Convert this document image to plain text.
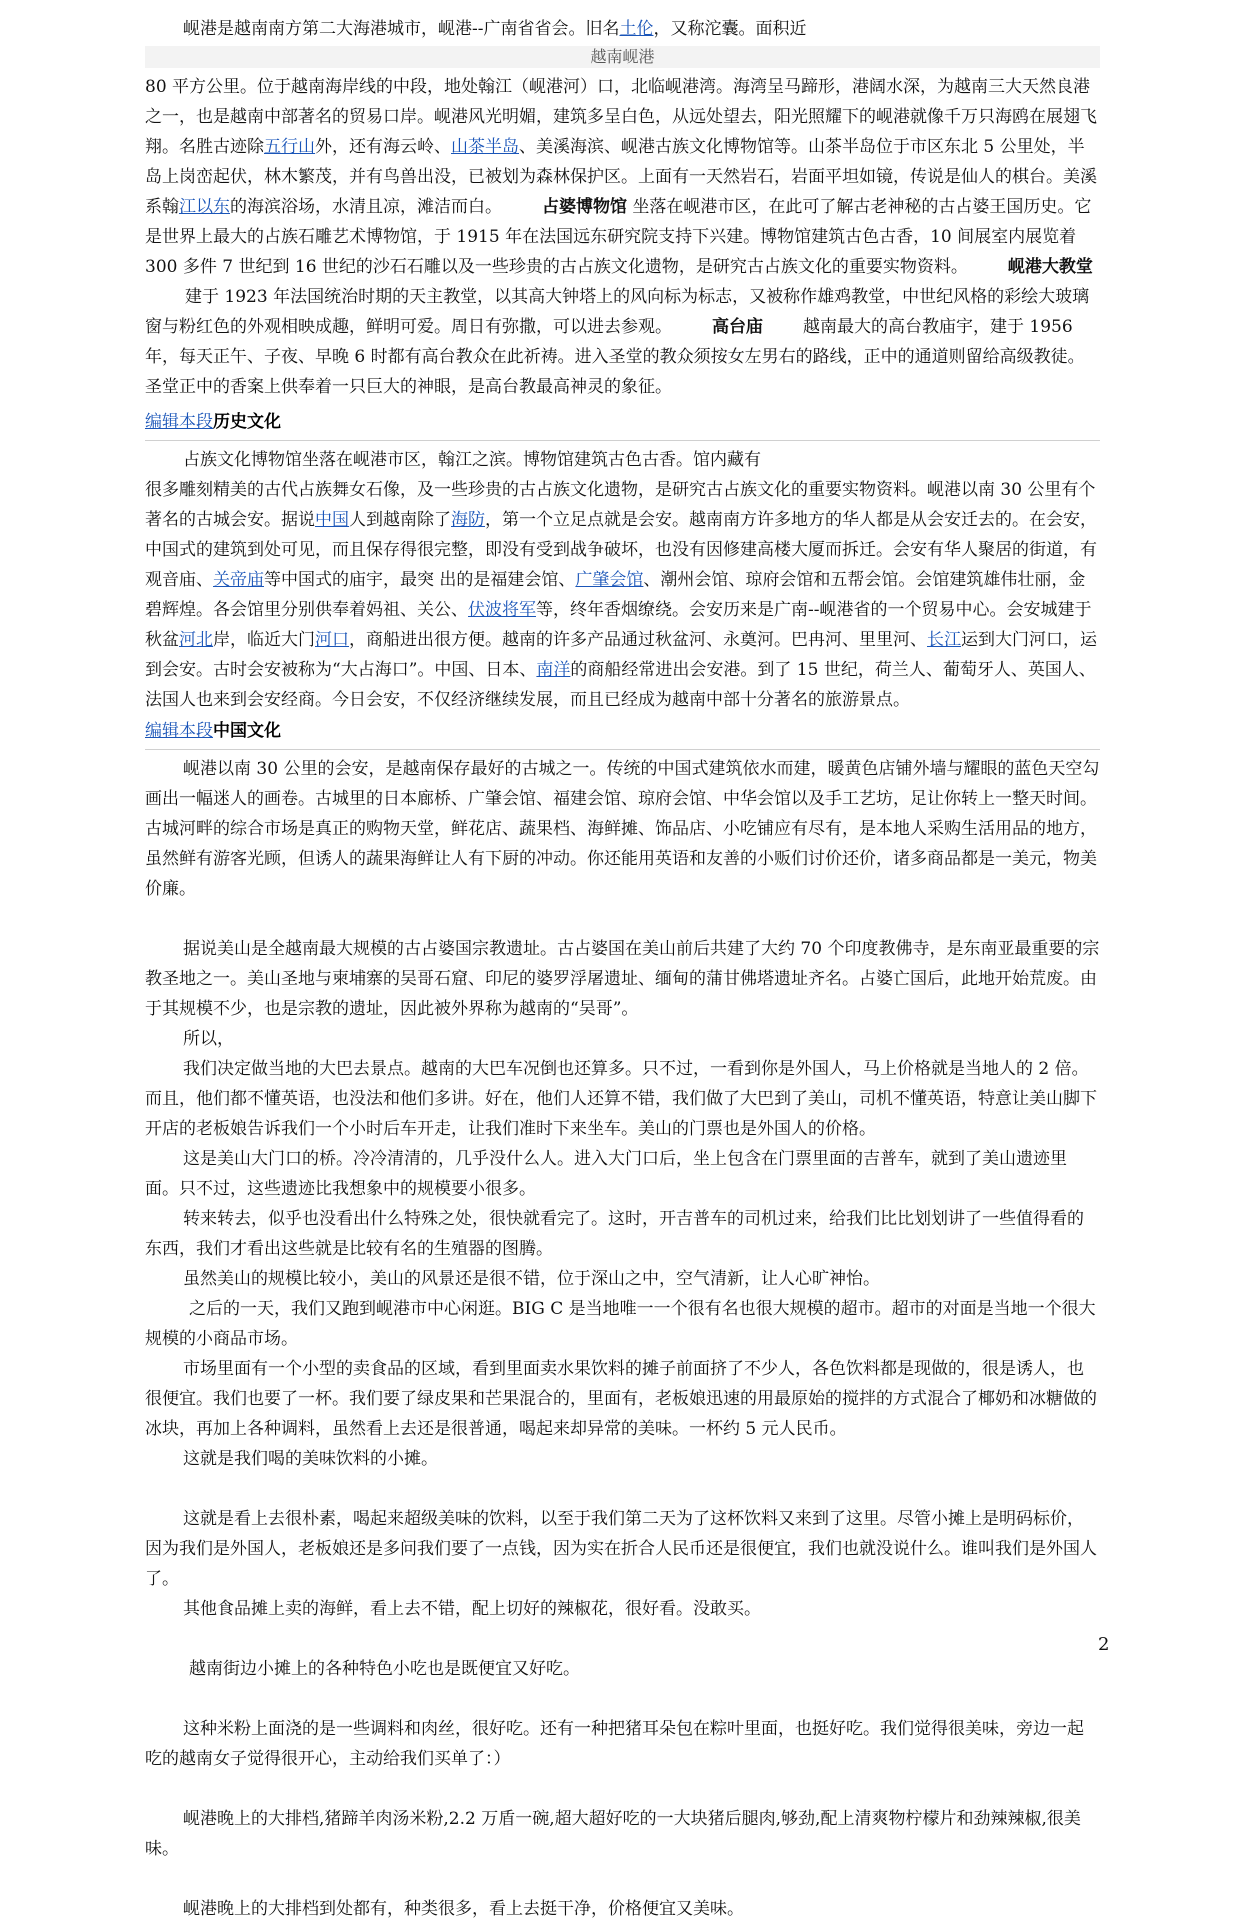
岘港是越南南方第二大海港城市，岘港--广南省省会。旧名土伦，又称沱囊。面积近

越南岘港

80 平方公里。位于越南海岸线的中段，地处翰江（岘港河）口，北临岘港湾。海湾呈马蹄形，港阔水深，为越南三大天然良港之一，也是越南中部著名的贸易口岸。岘港风光明媚，建筑多呈白色，从远处望去，阳光照耀下的岘港就像千万只海鸥在展翅飞翔。名胜古迹除五行山外，还有海云岭、山茶半岛、美溪海滨、岘港古族文化博物馆等。山茶半岛位于市区东北 5 公里处，半岛上岗峦起伏，林木繁茂，并有鸟兽出没，已被划为森林保护区。上面有一天然岩石，岩面平坦如镜，传说是仙人的棋台。美溪系翰江以东的海滨浴场，水清且凉，滩洁而白。 占婆博物馆 坐落在岘港市区，在此可了解古老神秘的古占婆王国历史。它是世界上最大的占族石雕艺术博物馆，于 1915 年在法国远东研究院支持下兴建。博物馆建筑古色古香，10 间展室内展览着 300 多件 7 世纪到 16 世纪的沙石石雕以及一些珍贵的古占族文化遗物，是研究古占族文化的重要实物资料。 岘港大教堂建于 1923 年法国统治时期的天主教堂，以其高大钟塔上的风向标为标志，又被称作雄鸡教堂，中世纪风格的彩绘大玻璃窗与粉红色的外观相映成趣，鲜明可爱。周日有弥撒，可以进去参观。 高台庙 越南最大的高台教庙宇，建于 1956 年，每天正午、子夜、早晚 6 时都有高台教众在此祈祷。进入圣堂的教众须按女左男右的路线，正中的通道则留给高级教徒。圣堂正中的香案上供奉着一只巨大的神眼，是高台教最高神灵的象征。

编辑本段历史文化

占族文化博物馆坐落在岘港市区，翰江之滨。博物馆建筑古色古香。馆内藏有

很多雕刻精美的古代占族舞女石像，及一些珍贵的古占族文化遗物，是研究古占族文化的重要实物资料。岘港以南 30 公里有个著名的古城会安。据说中国人到越南除了海防，第一个立足点就是会安。越南南方许多地方的华人都是从会安迁去的。在会安，中国式的建筑到处可见，而且保存得很完整，即没有受到战争破坏，也没有因修建高楼大厦而拆迁。会安有华人聚居的街道，有观音庙、关帝庙等中国式的庙宇，最突 出的是福建会馆、广肇会馆、潮州会馆、琼府会馆和五帮会馆。会馆建筑雄伟壮丽，金碧辉煌。各会馆里分别供奉着妈祖、关公、伏波将军等，终年香烟缭绕。会安历来是广南--岘港省的一个贸易中心。会安城建于秋盆河北岸，临近大门河口，商船进出很方便。越南的许多产品通过秋盆河、永奠河。巴冉河、里里河、长江运到大门河口，运到会安。古时会安被称为“大占海口”。中国、日本、南洋的商船经常进出会安港。到了 15 世纪，荷兰人、葡萄牙人、英国人、法国人也来到会安经商。今日会安，不仅经济继续发展，而且已经成为越南中部十分著名的旅游景点。

编辑本段中国文化

岘港以南 30 公里的会安，是越南保存最好的古城之一。传统的中国式建筑依水而建，暖黄色店铺外墙与耀眼的蓝色天空勾画出一幅迷人的画卷。古城里的日本廊桥、广肇会馆、福建会馆、琼府会馆、中华会馆以及手工艺坊，足让你转上一整天时间。古城河畔的综合市场是真正的购物天堂，鲜花店、蔬果档、海鲜摊、饰品店、小吃铺应有尽有，是本地人采购生活用品的地方，虽然鲜有游客光顾，但诱人的蔬果海鲜让人有下厨的冲动。你还能用英语和友善的小贩们讨价还价，诸多商品都是一美元，物美价廉。

据说美山是全越南最大规模的古占婆国宗教遗址。古占婆国在美山前后共建了大约 70 个印度教佛寺，是东南亚最重要的宗教圣地之一。美山圣地与柬埔寨的吴哥石窟、印尼的婆罗浮屠遗址、缅甸的蒲甘佛塔遗址齐名。占婆亡国后，此地开始荒废。由于其规模不少，也是宗教的遗址，因此被外界称为越南的“吴哥”。

所以，

我们决定做当地的大巴去景点。越南的大巴车况倒也还算多。只不过，一看到你是外国人，马上价格就是当地人的 2 倍。而且，他们都不懂英语，也没法和他们多讲。好在，他们人还算不错，我们做了大巴到了美山，司机不懂英语，特意让美山脚下开店的老板娘告诉我们一个小时后车开走，让我们准时下来坐车。美山的门票也是外国人的价格。

这是美山大门口的桥。冷冷清清的，几乎没什么人。进入大门口后，坐上包含在门票里面的吉普车，就到了美山遗迹里面。只不过，这些遗迹比我想象中的规模要小很多。

转来转去，似乎也没看出什么特殊之处，很快就看完了。这时，开吉普车的司机过来，给我们比比划划讲了一些值得看的东西，我们才看出这些就是比较有名的生殖器的图腾。

虽然美山的规模比较小，美山的风景还是很不错，位于深山之中，空气清新，让人心旷神怡。

之后的一天，我们又跑到岘港市中心闲逛。BIG C 是当地唯一一个很有名也很大规模的超市。超市的对面是当地一个很大规模的小商品市场。

市场里面有一个小型的卖食品的区域，看到里面卖水果饮料的摊子前面挤了不少人，各色饮料都是现做的，很是诱人，也很便宜。我们也要了一杯。我们要了绿皮果和芒果混合的，里面有，老板娘迅速的用最原始的搅拌的方式混合了椰奶和冰糖做的冰块，再加上各种调料，虽然看上去还是很普通，喝起来却异常的美味。一杯约 5 元人民币。

这就是我们喝的美味饮料的小摊。

这就是看上去很朴素，喝起来超级美味的饮料，以至于我们第二天为了这杯饮料又来到了这里。尽管小摊上是明码标价，因为我们是外国人，老板娘还是多问我们要了一点钱，因为实在折合人民币还是很便宜，我们也就没说什么。谁叫我们是外国人了。

其他食品摊上卖的海鲜，看上去不错，配上切好的辣椒花，很好看。没敢买。

越南街边小摊上的各种特色小吃也是既便宜又好吃。

这种米粉上面浇的是一些调料和肉丝，很好吃。还有一种把猪耳朵包在粽叶里面，也挺好吃。我们觉得很美味，旁边一起吃的越南女子觉得很开心，主动给我们买单了：）

岘港晚上的大排档,猪蹄羊肉汤米粉,2.2 万盾一碗,超大超好吃的一大块猪后腿肉,够劲,配上清爽物柠檬片和劲辣辣椒,很美味。

岘港晚上的大排档到处都有，种类很多，看上去挺干净，价格便宜又美味。

2
